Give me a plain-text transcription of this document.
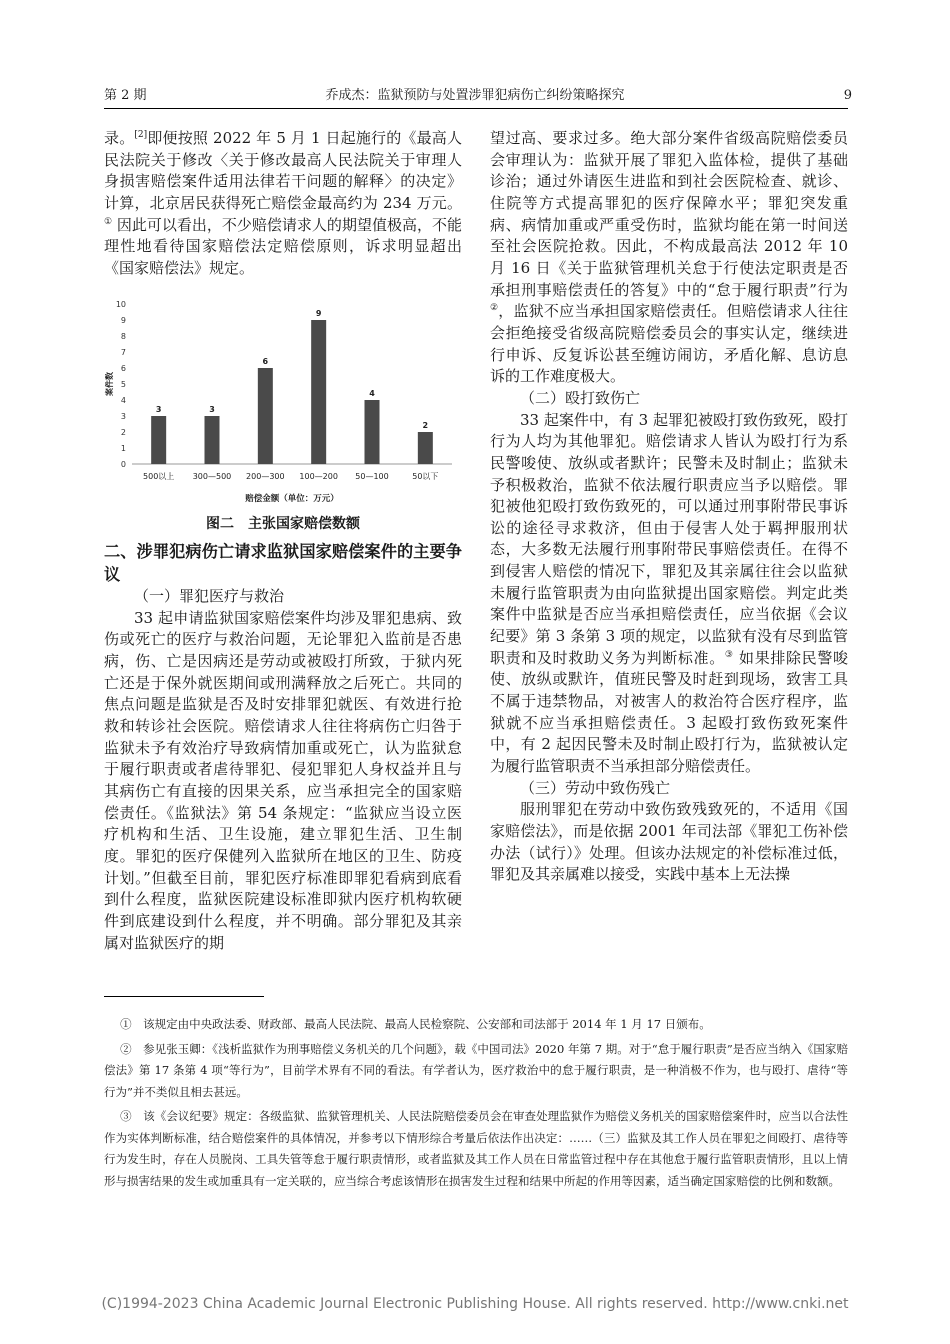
第 2 期	乔成杰：监狱预防与处置涉罪犯病伤亡纠纷策略探究	9

录。[2]即便按照 2022 年 5 月 1 日起施行的《最高人民法院关于修改〈关于修改最高人民法院关于审理人身损害赔偿案件适用法律若干问题的解释〉的决定》计算，北京居民获得死亡赔偿金最高约为 234 万元。① 因此可以看出，不少赔偿请求人的期望值极高，不能理性地看待国家赔偿法定赔偿原则，诉求明显超出《国家赔偿法》规定。

0
1
2
3
4
5
6
7
8
9
10
案件数
3
500以上
3
300—500
6
200—300
9
100—200
4
50—100
2
50以下
赔偿金额（单位：万元）
图二　主张国家赔偿数额

二、涉罪犯病伤亡请求监狱国家赔偿案件的主要争议

（一）罪犯医疗与救治

33 起申请监狱国家赔偿案件均涉及罪犯患病、致伤或死亡的医疗与救治问题，无论罪犯入监前是否患病，伤、亡是因病还是劳动或被殴打所致，于狱内死亡还是于保外就医期间或刑满释放之后死亡。共同的焦点问题是监狱是否及时安排罪犯就医、有效进行抢救和转诊社会医院。赔偿请求人往往将病伤亡归咎于监狱未予有效治疗导致病情加重或死亡，认为监狱怠于履行职责或者虐待罪犯、侵犯罪犯人身权益并且与其病伤亡有直接的因果关系，应当承担完全的国家赔偿责任。《监狱法》第 54 条规定：“监狱应当设立医疗机构和生活、卫生设施，建立罪犯生活、卫生制度。罪犯的医疗保健列入监狱所在地区的卫生、防疫计划。”但截至目前，罪犯医疗标准即罪犯看病到底看到什么程度，监狱医院建设标准即狱内医疗机构软硬件到底建设到什么程度，并不明确。部分罪犯及其亲属对监狱医疗的期

望过高、要求过多。绝大部分案件省级高院赔偿委员会审理认为：监狱开展了罪犯入监体检，提供了基础诊治；通过外请医生进监和到社会医院检查、就诊、住院等方式提高罪犯的医疗保障水平；罪犯突发重病、病情加重或严重受伤时，监狱均能在第一时间送至社会医院抢救。因此，不构成最高法 2012 年 10 月 16 日《关于监狱管理机关怠于行使法定职责是否承担刑事赔偿责任的答复》中的“怠于履行职责”行为②，监狱不应当承担国家赔偿责任。但赔偿请求人往往会拒绝接受省级高院赔偿委员会的事实认定，继续进行申诉、反复诉讼甚至缠访闹访，矛盾化解、息访息诉的工作难度极大。

（二）殴打致伤亡

33 起案件中，有 3 起罪犯被殴打致伤致死，殴打行为人均为其他罪犯。赔偿请求人皆认为殴打行为系民警唆使、放纵或者默许；民警未及时制止；监狱未予积极救治，监狱不依法履行职责应当予以赔偿。罪犯被他犯殴打致伤致死的，可以通过刑事附带民事诉讼的途径寻求救济，但由于侵害人处于羁押服刑状态，大多数无法履行刑事附带民事赔偿责任。在得不到侵害人赔偿的情况下，罪犯及其亲属往往会以监狱未履行监管职责为由向监狱提出国家赔偿。判定此类案件中监狱是否应当承担赔偿责任，应当依据《会议纪要》第 3 条第 3 项的规定，以监狱有没有尽到监管职责和及时救助义务为判断标准。③ 如果排除民警唆使、放纵或默许，值班民警及时赶到现场，致害工具不属于违禁物品，对被害人的救治符合医疗程序，监狱就不应当承担赔偿责任。3 起殴打致伤致死案件中，有 2 起因民警未及时制止殴打行为，监狱被认定为履行监管职责不当承担部分赔偿责任。

（三）劳动中致伤残亡

服刑罪犯在劳动中致伤致残致死的，不适用《国家赔偿法》，而是依据 2001 年司法部《罪犯工伤补偿办法（试行）》处理。但该办法规定的补偿标准过低，罪犯及其亲属难以接受，实践中基本上无法操

①　该规定由中央政法委、财政部、最高人民法院、最高人民检察院、公安部和司法部于 2014 年 1 月 17 日颁布。

②　参见张玉卿：《浅析监狱作为刑事赔偿义务机关的几个问题》，载《中国司法》2020 年第 7 期。对于“怠于履行职责”是否应当纳入《国家赔偿法》第 17 条第 4 项“等行为”，目前学术界有不同的看法。有学者认为，医疗救治中的怠于履行职责，是一种消极不作为，也与殴打、虐待“等行为”并不类似且相去甚远。

③　该《会议纪要》规定：各级监狱、监狱管理机关、人民法院赔偿委员会在审查处理监狱作为赔偿义务机关的国家赔偿案件时，应当以合法性作为实体判断标准，结合赔偿案件的具体情况，并参考以下情形综合考量后依法作出决定：……（三）监狱及其工作人员在罪犯之间殴打、虐待等行为发生时，存在人员脱岗、工具失管等怠于履行职责情形，或者监狱及其工作人员在日常监管过程中存在其他怠于履行监管职责情形，且以上情形与损害结果的发生或加重具有一定关联的，应当综合考虑该情形在损害发生过程和结果中所起的作用等因素，适当确定国家赔偿的比例和数额。

(C)1994-2023 China Academic Journal Electronic Publishing House. All rights reserved. http://www.cnki.net
